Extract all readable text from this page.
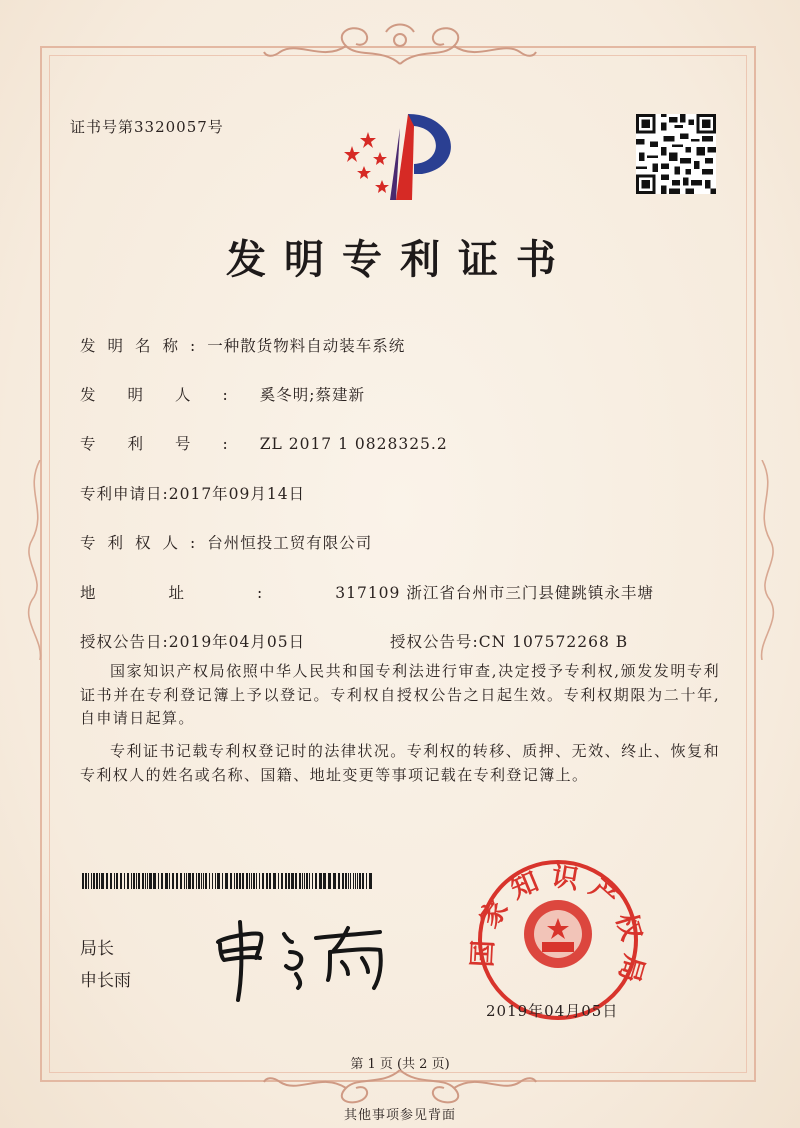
证书号第3320057号
发明专利证书
发明名称:一种散货物料自动装车系统
发明人:奚冬明;蔡建新
专利号:ZL 2017 1 0828325.2
专利申请日:2017年09月14日
专利权人:台州恒投工贸有限公司
地址:317109 浙江省台州市三门县健跳镇永丰塘
授权公告日:2019年04月05日	授权公告号:CN 107572268 B
国家知识产权局依照中华人民共和国专利法进行审查,决定授予专利权,颁发发明专利证书并在专利登记簿上予以登记。专利权自授权公告之日起生效。专利权期限为二十年,自申请日起算。
专利证书记载专利权登记时的法律状况。专利权的转移、质押、无效、终止、恢复和专利权人的姓名或名称、国籍、地址变更等事项记载在专利登记簿上。
局长
申长雨
国家知识产权局
2019年04月05日
第 1 页 (共 2 页)
其他事项参见背面
